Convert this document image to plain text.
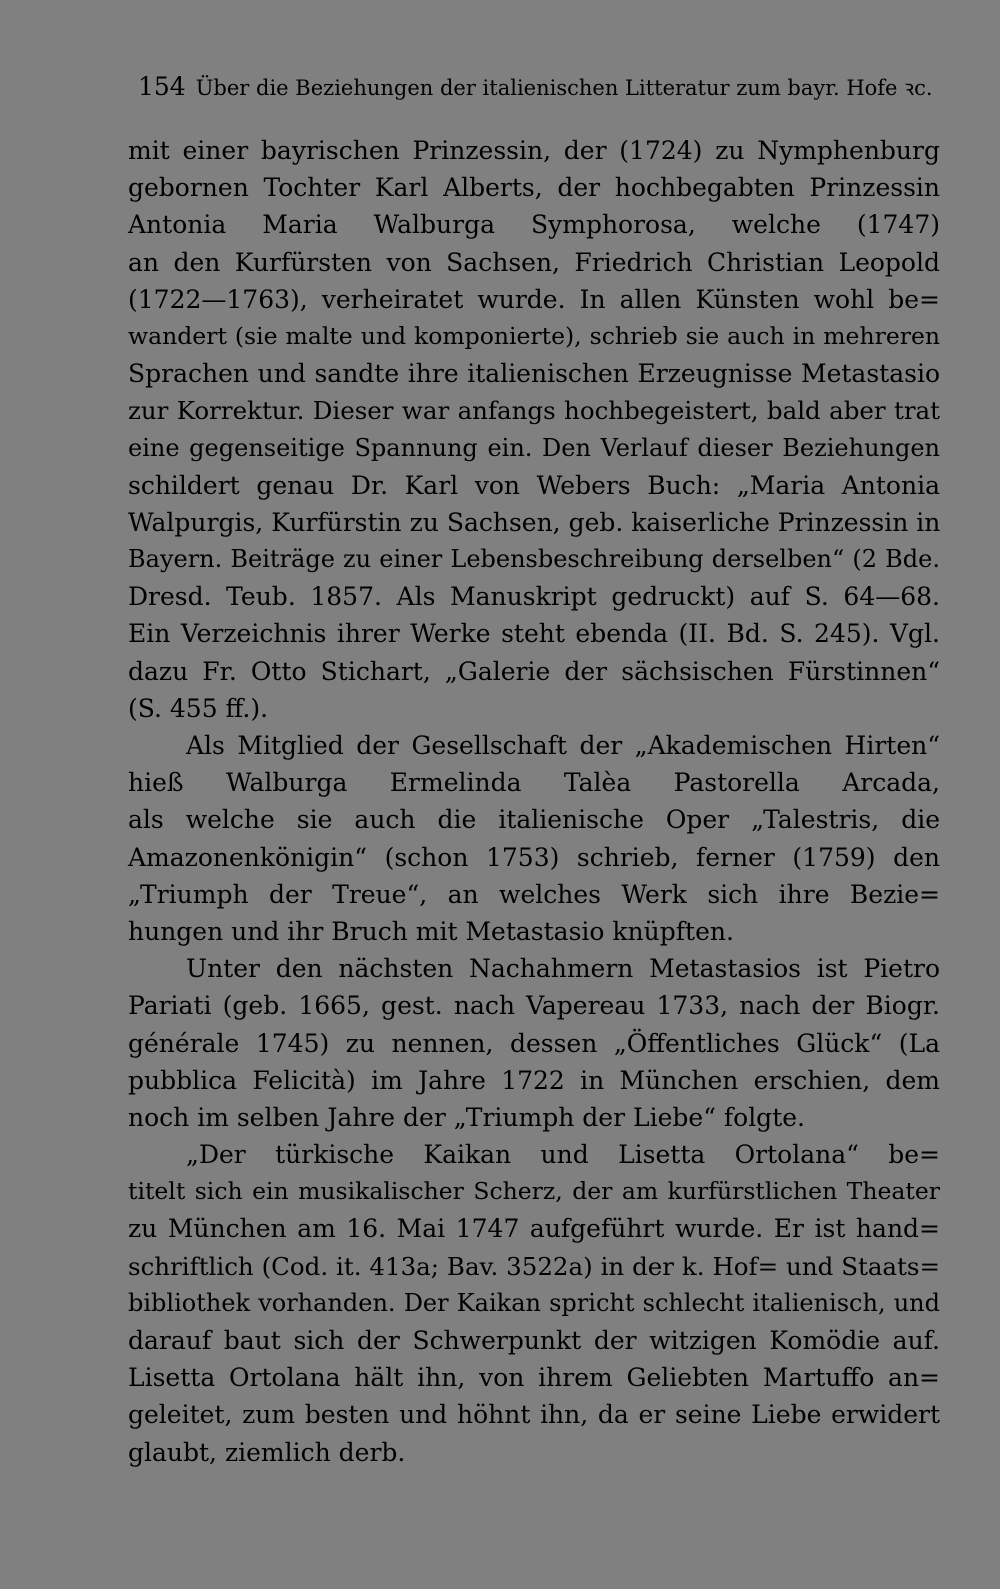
154 Über die Beziehungen der italienischen Litteratur zum bayr. Hofe ꝛc.
mit einer bayrischen Prinzessin, der (1724) zu Nymphenburg
gebornen Tochter Karl Alberts, der hochbegabten Prinzessin
Antonia Maria Walburga Symphorosa, welche (1747)
an den Kurfürsten von Sachsen, Friedrich Christian Leopold
(1722—1763), verheiratet wurde. In allen Künsten wohl be=
wandert (sie malte und komponierte), schrieb sie auch in mehreren
Sprachen und sandte ihre italienischen Erzeugnisse Metastasio
zur Korrektur. Dieser war anfangs hochbegeistert, bald aber trat
eine gegenseitige Spannung ein. Den Verlauf dieser Beziehungen
schildert genau Dr. Karl von Webers Buch: „Maria Antonia
Walpurgis, Kurfürstin zu Sachsen, geb. kaiserliche Prinzessin in
Bayern. Beiträge zu einer Lebensbeschreibung derselben“ (2 Bde.
Dresd. Teub. 1857. Als Manuskript gedruckt) auf S. 64—68.
Ein Verzeichnis ihrer Werke steht ebenda (II. Bd. S. 245). Vgl.
dazu Fr. Otto Stichart, „Galerie der sächsischen Fürstinnen“
(S. 455 ff.).
Als Mitglied der Gesellschaft der „Akademischen Hirten“
hieß Walburga Ermelinda Talèa Pastorella Arcada,
als welche sie auch die italienische Oper „Talestris, die
Amazonenkönigin“ (schon 1753) schrieb, ferner (1759) den
„Triumph der Treue“, an welches Werk sich ihre Bezie=
hungen und ihr Bruch mit Metastasio knüpften.
Unter den nächsten Nachahmern Metastasios ist Pietro
Pariati (geb. 1665, gest. nach Vapereau 1733, nach der Biogr.
générale 1745) zu nennen, dessen „Öffentliches Glück“ (La
pubblica Felicità) im Jahre 1722 in München erschien, dem
noch im selben Jahre der „Triumph der Liebe“ folgte.
„Der türkische Kaikan und Lisetta Ortolana“ be=
titelt sich ein musikalischer Scherz, der am kurfürstlichen Theater
zu München am 16. Mai 1747 aufgeführt wurde. Er ist hand=
schriftlich (Cod. it. 413a; Bav. 3522a) in der k. Hof= und Staats=
bibliothek vorhanden. Der Kaikan spricht schlecht italienisch, und
darauf baut sich der Schwerpunkt der witzigen Komödie auf.
Lisetta Ortolana hält ihn, von ihrem Geliebten Martuffo an=
geleitet, zum besten und höhnt ihn, da er seine Liebe erwidert
glaubt, ziemlich derb.
